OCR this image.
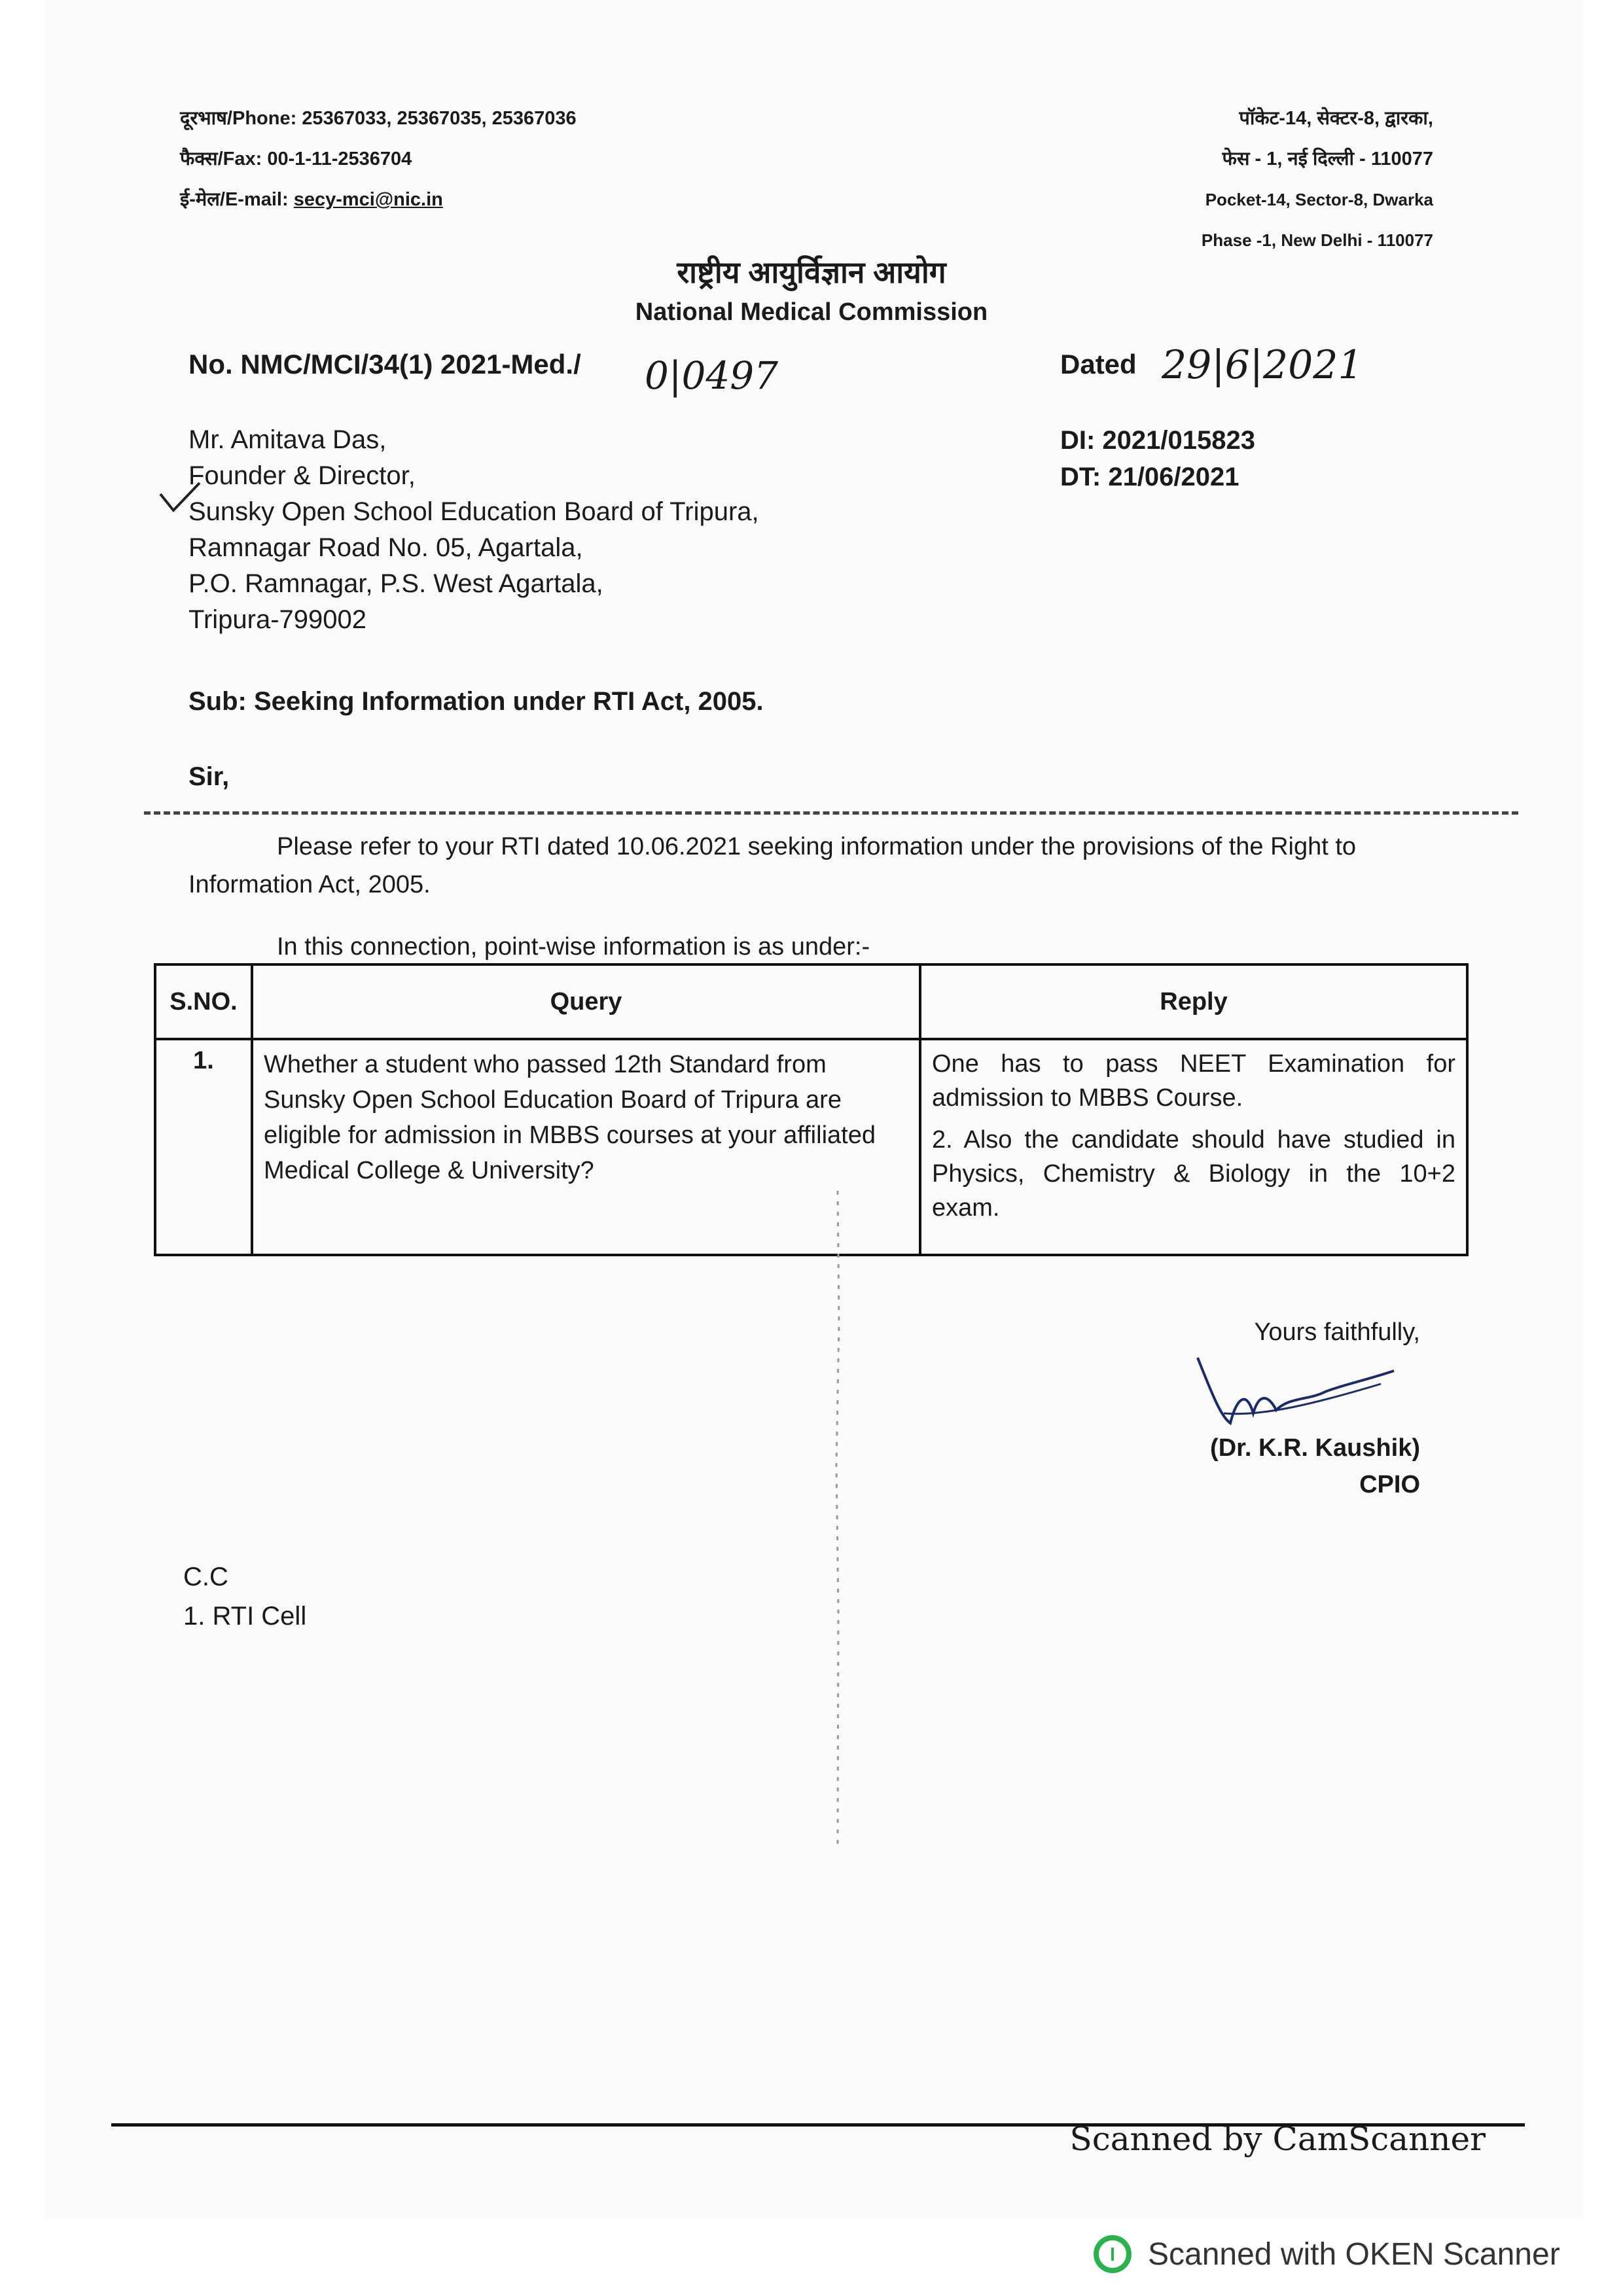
दूरभाष/Phone: 25367033, 25367035, 25367036
फैक्स/Fax: 00-1-11-2536704
ई-मेल/E-mail: secy-mci@nic.in
पॉकेट-14, सेक्टर-8, द्वारका,
फेस - 1, नई दिल्ली - 110077
Pocket-14, Sector-8, Dwarka
Phase -1, New Delhi - 110077
राष्ट्रीय आयुर्विज्ञान आयोग
National Medical Commission
No. NMC/MCI/34(1) 2021-Med./ 0|0497	Dated 29|6|2021
DI: 2021/015823
DT: 21/06/2021
Mr. Amitava Das,
Founder & Director,
Sunsky Open School Education Board of Tripura,
Ramnagar Road No. 05, Agartala,
P.O. Ramnagar, P.S. West Agartala,
Tripura-799002
Sub: Seeking Information under RTI Act, 2005.
Sir,
Please refer to your RTI dated 10.06.2021 seeking information under the provisions of the Right to Information Act, 2005.
In this connection, point-wise information is as under:-
S.NO.	Query	Reply
1.	Whether a student who passed 12th Standard from Sunsky Open School Education Board of Tripura are eligible for admission in MBBS courses at your affiliated Medical College & University?	One has to pass NEET Examination for admission to MBBS Course.

2. Also the candidate should have studied in Physics, Chemistry & Biology in the 10+2 exam.

Yours faithfully,
(Dr. K.R. Kaushik)
CPIO
C.C
1. RTI Cell
Scanned by CamScanner
Scanned with OKEN Scanner
